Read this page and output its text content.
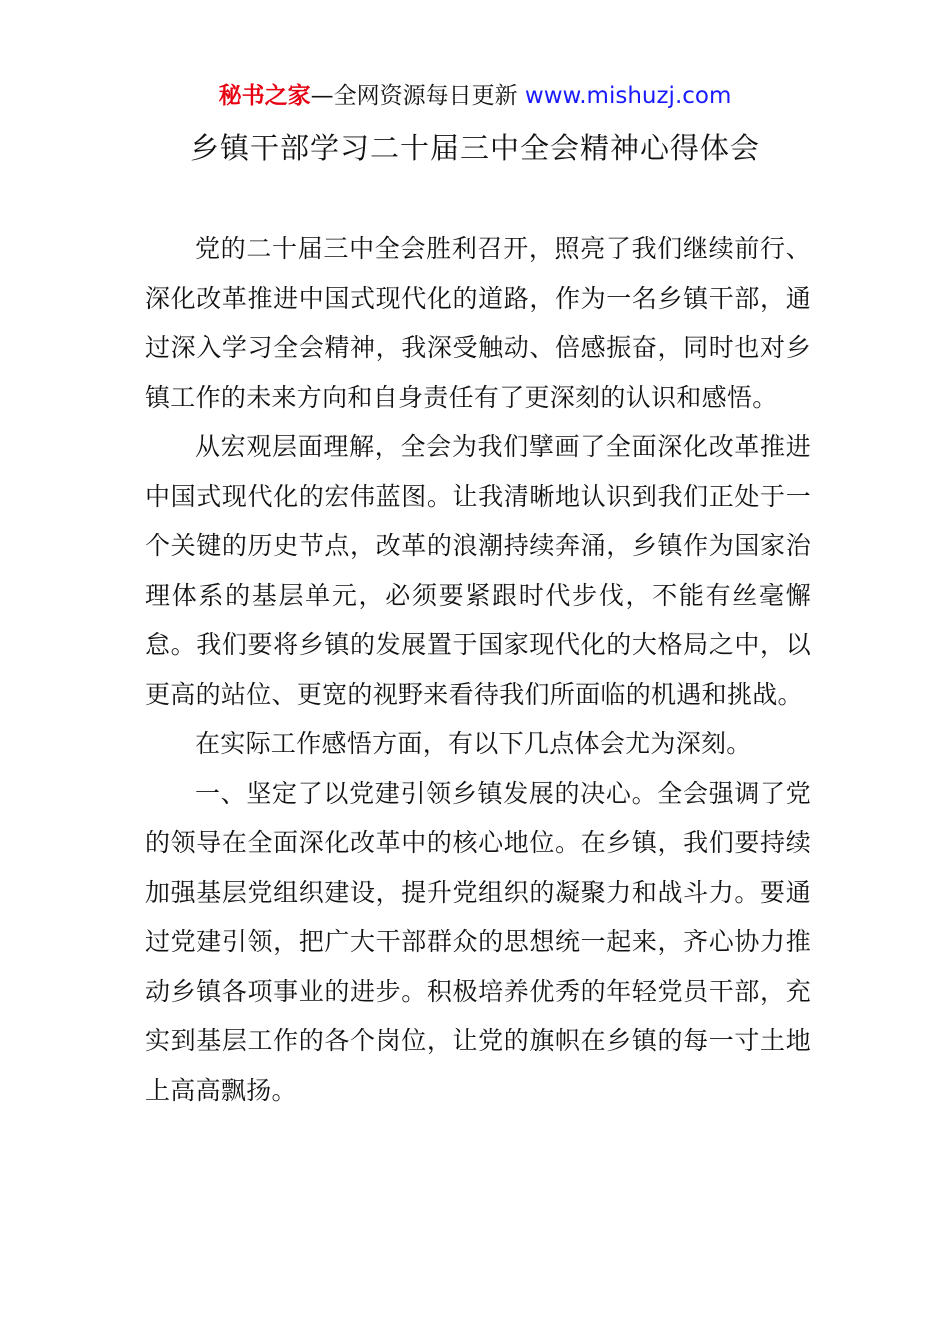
秘书之家—全网资源每日更新 www.mishuzj.com
乡镇干部学习二十届三中全会精神心得体会

党的二十届三中全会胜利召开，照亮了我们继续前行、深化改革推进中国式现代化的道路，作为一名乡镇干部，通过深入学习全会精神，我深受触动、倍感振奋，同时也对乡镇工作的未来方向和自身责任有了更深刻的认识和感悟。

从宏观层面理解，全会为我们擘画了全面深化改革推进中国式现代化的宏伟蓝图。让我清晰地认识到我们正处于一个关键的历史节点，改革的浪潮持续奔涌，乡镇作为国家治理体系的基层单元，必须要紧跟时代步伐，不能有丝毫懈怠。我们要将乡镇的发展置于国家现代化的大格局之中，以更高的站位、更宽的视野来看待我们所面临的机遇和挑战。

在实际工作感悟方面，有以下几点体会尤为深刻。

一、坚定了以党建引领乡镇发展的决心。全会强调了党的领导在全面深化改革中的核心地位。在乡镇，我们要持续加强基层党组织建设，提升党组织的凝聚力和战斗力。要通过党建引领，把广大干部群众的思想统一起来，齐心协力推动乡镇各项事业的进步。积极培养优秀的年轻党员干部，充实到基层工作的各个岗位，让党的旗帜在乡镇的每一寸土地上高高飘扬。
